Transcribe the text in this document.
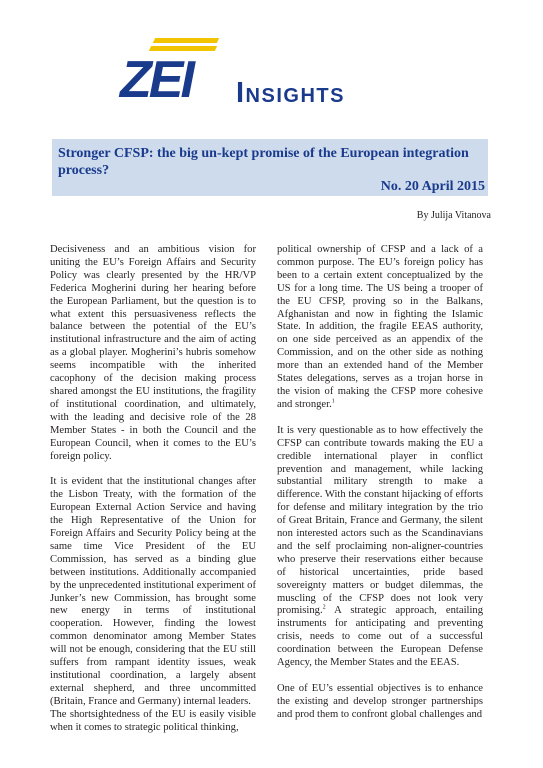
ZEI Insights
Stronger CFSP: the big un-kept promise of the European integration process?
No. 20 April 2015
By Julija Vitanova

Decisiveness and an ambitious vision for uniting the EU’s Foreign Affairs and Security Policy was clearly presented by the HR/VP Federica Mogherini during her hearing before the European Parliament, but the question is to what extent this persuasiveness reflects the balance between the potential of the EU’s institutional infrastructure and the aim of acting as a global player. Mogherini’s hubris somehow seems incompatible with the inherited cacophony of the decision making process shared amongst the EU institutions, the fragility of institutional coordination, and ultimately, with the leading and decisive role of the 28 Member States - in both the Council and the European Council, when it comes to the EU’s foreign policy.

It is evident that the institutional changes after the Lisbon Treaty, with the formation of the European External Action Service and having the High Representative of the Union for Foreign Affairs and Security Policy being at the same time Vice President of the EU Commission, has served as a binding glue between institutions. Additionally accompanied by the unprecedented institutional experiment of Junker’s new Commission, has brought some new energy in terms of institutional cooperation. However, finding the lowest common denominator among Member States will not be enough, considering that the EU still suffers from rampant identity issues, weak institutional coordination, a largely absent external shepherd, and three uncommitted (Britain, France and Germany) internal leaders.

The shortsightedness of the EU is easily visible when it comes to strategic political thinking,

political ownership of CFSP and a lack of a common purpose. The EU’s foreign policy has been to a certain extent conceptualized by the US for a long time. The US being a trooper of the EU CFSP, proving so in the Balkans, Afghanistan and now in fighting the Islamic State. In addition, the fragile EEAS authority, on one side perceived as an appendix of the Commission, and on the other side as nothing more than an extended hand of the Member States delegations, serves as a trojan horse in the vision of making the CFSP more cohesive and stronger.$^1$

It is very questionable as to how effectively the CFSP can contribute towards making the EU a credible international player in conflict prevention and management, while lacking substantial military strength to make a difference. With the constant hijacking of efforts for defense and military integration by the trio of Great Britain, France and Germany, the silent non interested actors such as the Scandinavians and the self proclaiming non-aligner-countries who preserve their reservations either because of historical uncertainties, pride based sovereignty matters or budget dilemmas, the muscling of the CFSP does not look very promising.$^2$ A strategic approach, entailing instruments for anticipating and preventing crisis, needs to come out of a successful coordination between the European Defense Agency, the Member States and the EEAS.

One of EU’s essential objectives is to enhance the existing and develop stronger partnerships and prod them to confront global challenges and
